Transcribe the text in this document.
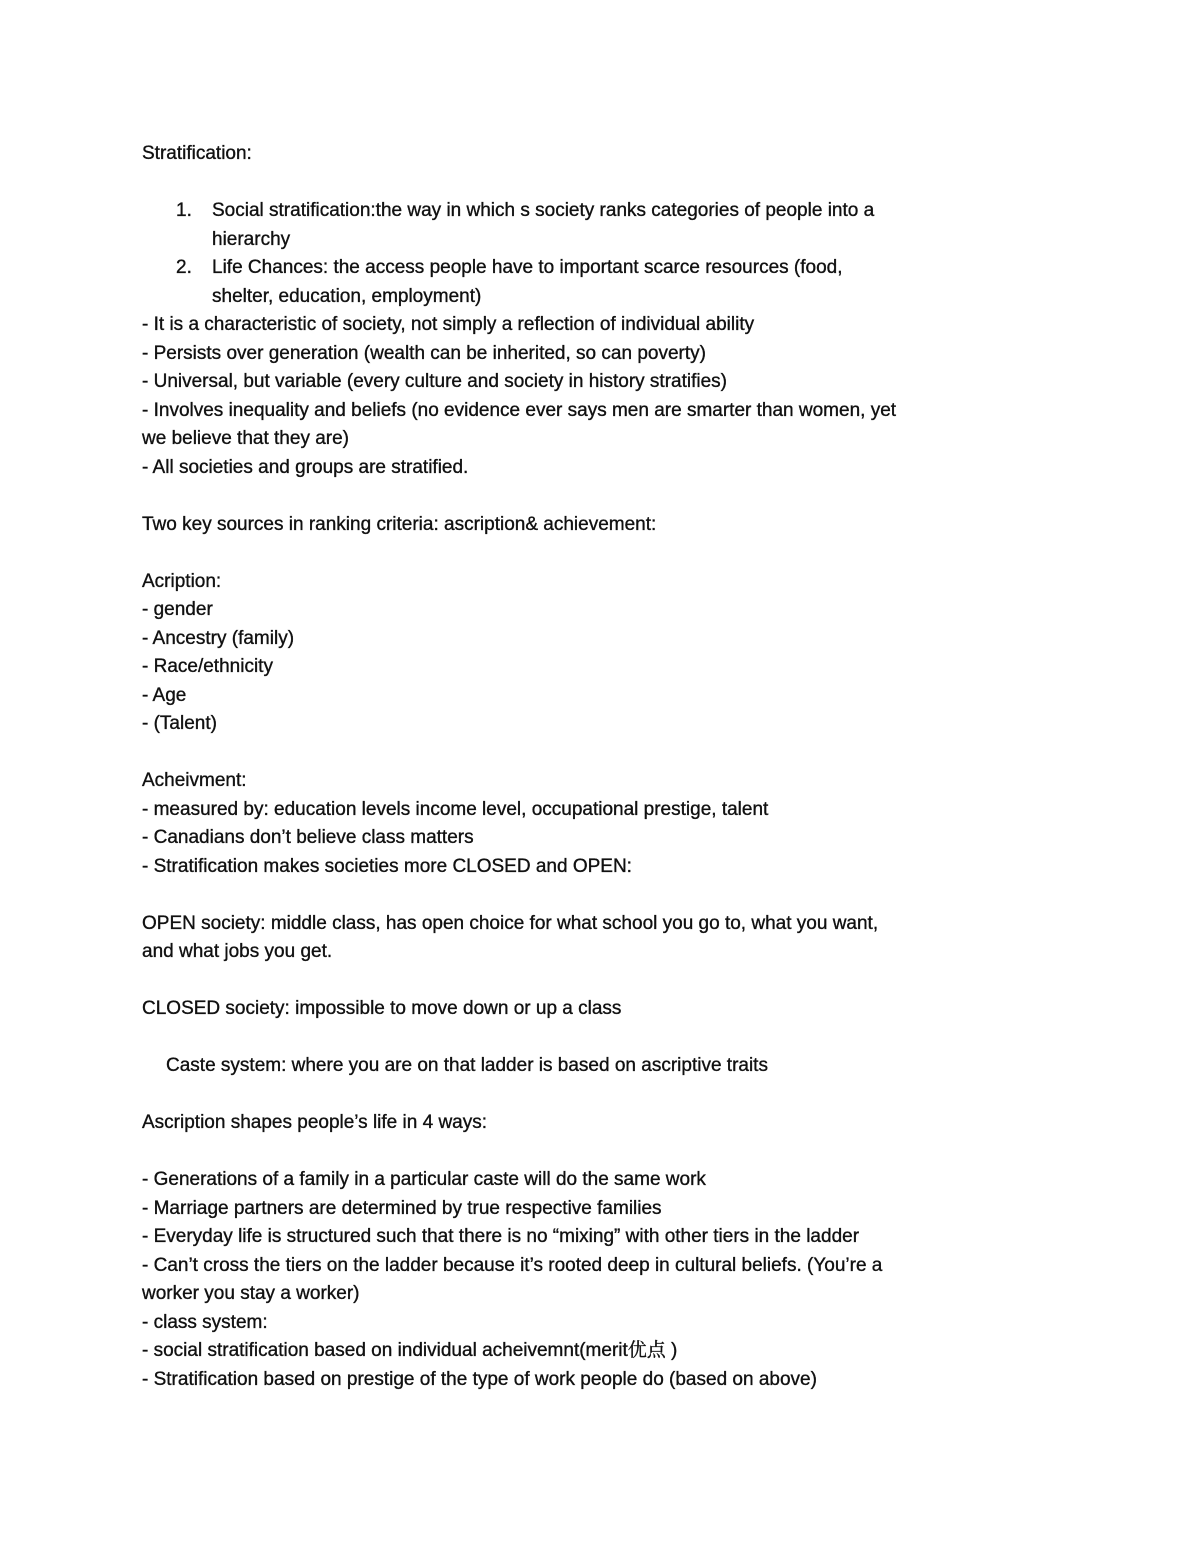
Stratification:
1. Social stratification:the way in which s society ranks categories of people into a
hierarchy
2. Life Chances: the access people have to important scarce resources (food,
shelter, education, employment)
- It is a characteristic of society, not simply a reflection of individual ability
- Persists over generation (wealth can be inherited, so can poverty)
- Universal, but variable (every culture and society in history stratifies)
- Involves inequality and beliefs (no evidence ever says men are smarter than women, yet
we believe that they are)
- All societies and groups are stratified.
Two key sources in ranking criteria: ascription& achievement:
Acription:
- gender
- Ancestry (family)
- Race/ethnicity
- Age
- (Talent)
Acheivment:
- measured by: education levels income level, occupational prestige, talent
- Canadians don’t believe class matters
- Stratification makes societies more CLOSED and OPEN:
OPEN society: middle class, has open choice for what school you go to, what you want,
and what jobs you get.
CLOSED society: impossible to move down or up a class
Caste system: where you are on that ladder is based on ascriptive traits
Ascription shapes people’s life in 4 ways:
- Generations of a family in a particular caste will do the same work
- Marriage partners are determined by true respective families
- Everyday life is structured such that there is no “mixing” with other tiers in the ladder
- Can’t cross the tiers on the ladder because it’s rooted deep in cultural beliefs. (You’re a
worker you stay a worker)
- class system:
- social stratification based on individual acheivemnt(merit优点 )
- Stratification based on prestige of the type of work people do (based on above)
